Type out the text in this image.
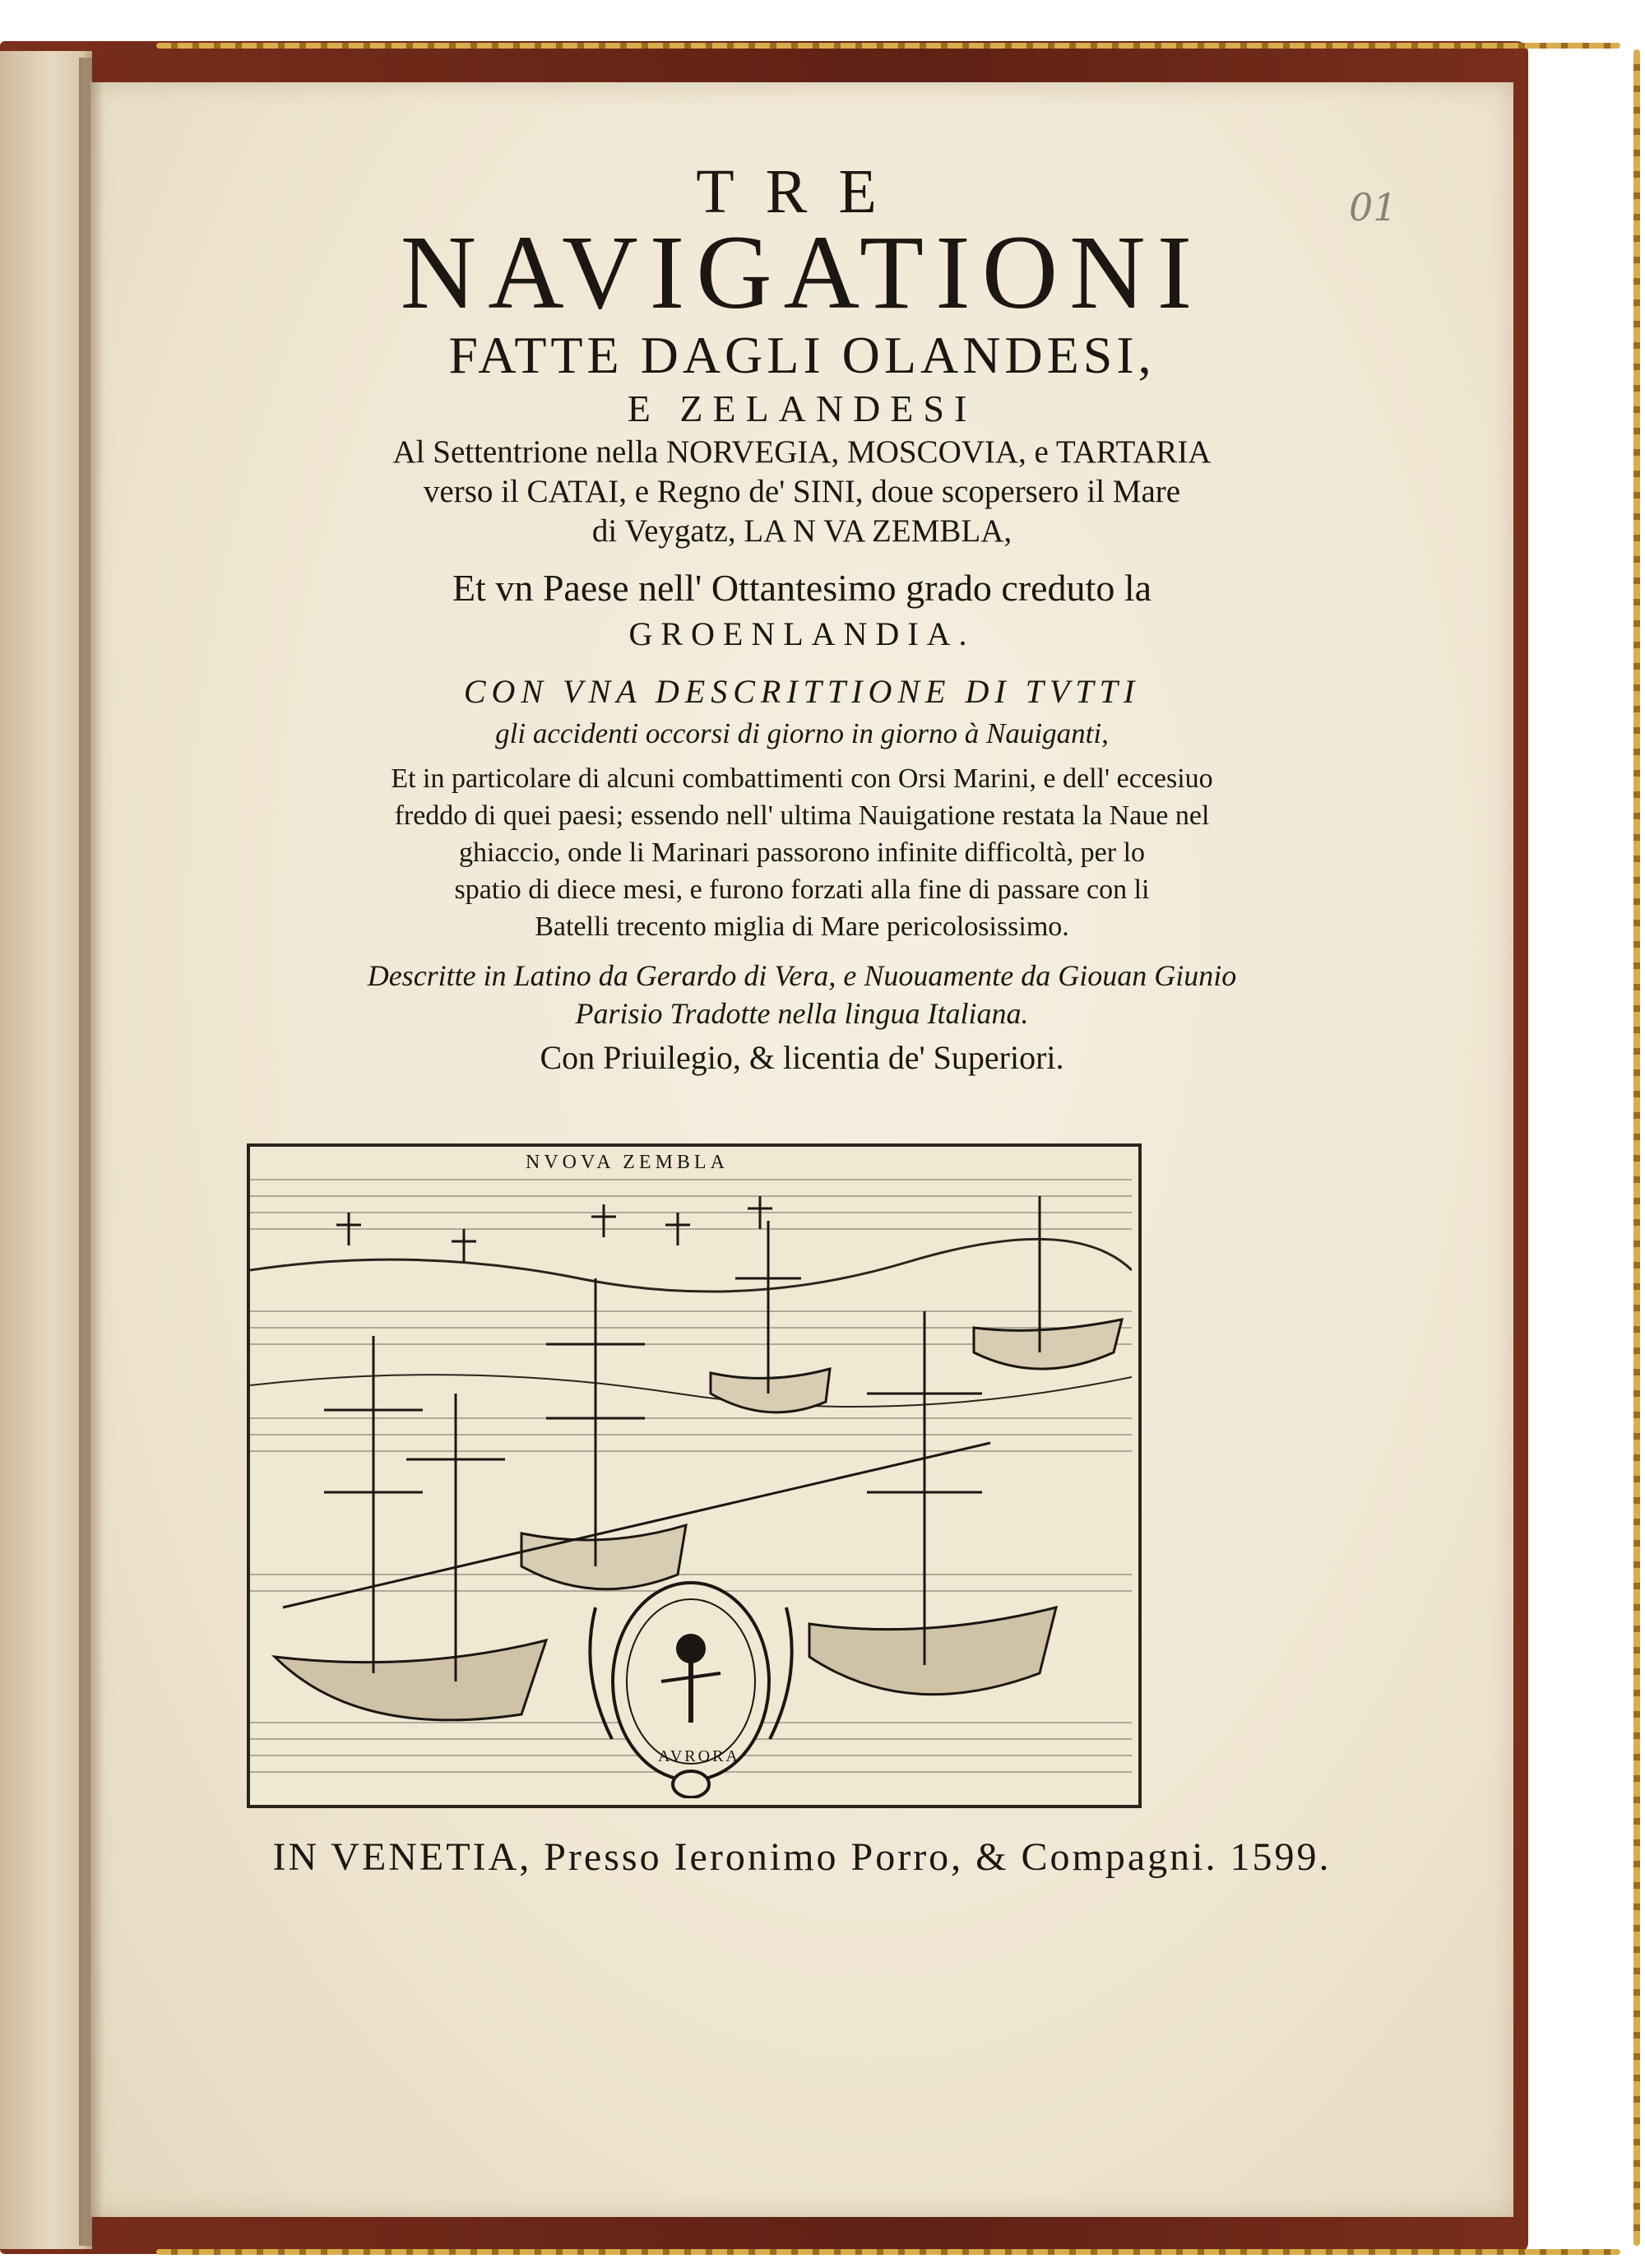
01
TRE
NAVIGATIONI
FATTE DAGLI OLANDESI,
E ZELANDESI
Al Settentrione nella NORVEGIA, MOSCOVIA, e TARTARIA
verso il CATAI, e Regno de' SINI, doue scopersero il Mare
di Veygatz, LA N VA ZEMBLA,
Et vn Paese nell' Ottantesimo grado creduto la
GROENLANDIA.
CON VNA DESCRITTIONE DI TVTTI
gli accidenti occorsi di giorno in giorno à Nauiganti,
Et in particolare di alcuni combattimenti con Orsi Marini, e dell' eccesiuo
freddo di quei paesi; essendo nell' ultima Nauigatione restata la Naue nel
ghiaccio, onde li Marinari passorono infinite difficoltà, per lo
spatio di diece mesi, e furono forzati alla fine di passare con li
Batelli trecento miglia di Mare pericolosissimo.
Descritte in Latino da Gerardo di Vera, e Nuouamente da Giouan Giunio
Parisio Tradotte nella lingua Italiana.
Con Priuilegio, & licentia de' Superiori.
IN VENETIA, Presso Ieronimo Porro, & Compagni. 1599.
NVOVA ZEMBLA
AVRORA
